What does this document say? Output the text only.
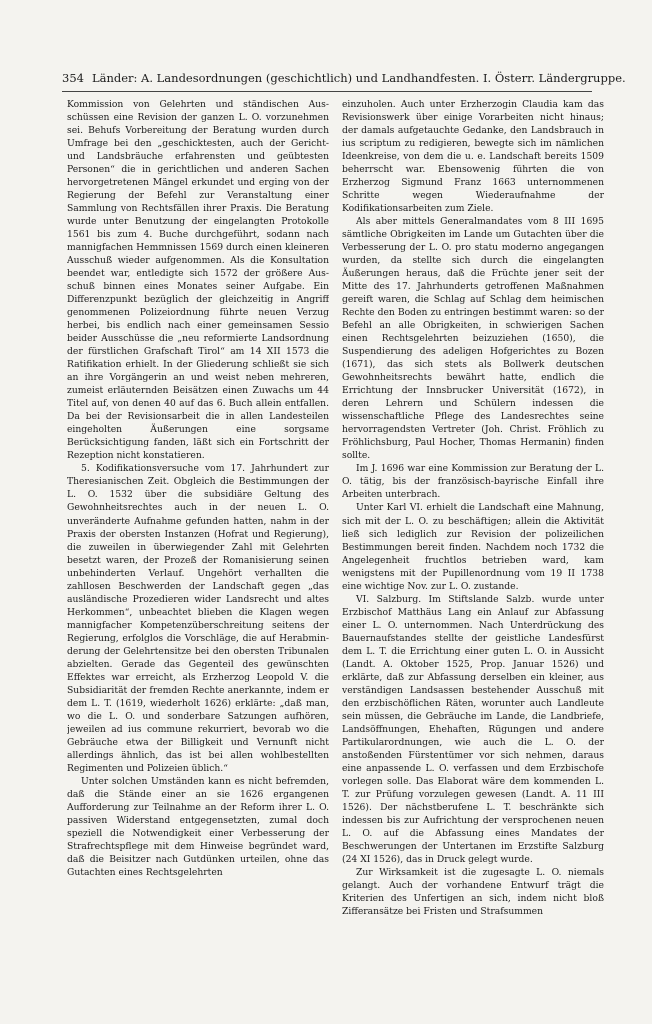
354 Länder: A. Landesordnungen (geschichtlich) und Landhandfesten. I. Österr. Ländergruppe.

Kommission von Gelehrten und ständischen Ausschüssen eine Revision der ganzen L. O. vorzunehmen sei. Behufs Vorbereitung der Beratung wurden durch Umfrage bei den „geschicktesten, auch der Gericht- und Landsbräuche erfahrensten und geübtesten Personen“ die in gerichtlichen und anderen Sachen hervorgetretenen Mängel erkundet und erging von der Regierung der Befehl zur Veranstaltung einer Sammlung von Rechtsfällen ihrer Praxis. Die Beratung wurde unter Benutzung der eingelangten Protokolle 1561 bis zum 4. Buche durchgeführt, sodann nach mannigfachen Hemmnissen 1569 durch einen kleineren Ausschuß wieder aufgenommen. Als die Konsultation beendet war, entledigte sich 1572 der größere Ausschuß binnen eines Monates seiner Aufgabe. Ein Differenzpunkt bezüglich der gleichzeitig in Angriff genommenen Polizeiordnung führte neuen Verzug herbei, bis endlich nach einer gemeinsamen Sessio beider Ausschüsse die „neu reformierte Landsordnung der fürstlichen Grafschaft Tirol“ am 14 XII 1573 die Ratifikation erhielt. In der Gliederung schließt sie sich an ihre Vorgängerin an und weist neben mehreren, zumeist erläuternden Beisätzen einen Zuwachs um 44 Titel auf, von denen 40 auf das 6. Buch allein entfallen. Da bei der Revisionsarbeit die in allen Landesteilen eingeholten Äußerungen eine sorgsame Berücksichtigung fanden, läßt sich ein Fortschritt der Rezeption nicht konstatieren.

5. Kodifikationsversuche vom 17. Jahrhundert zur Theresianischen Zeit. Obgleich die Bestimmungen der L. O. 1532 über die subsidiäre Geltung des Gewohnheitsrechtes auch in der neuen L. O. unveränderte Aufnahme gefunden hatten, nahm in der Praxis der obersten Instanzen (Hofrat und Regierung), die zuweilen in überwiegender Zahl mit Gelehrten besetzt waren, der Prozeß der Romanisierung seinen unbehinderten Verlauf. Ungehört verhallten die zahllosen Beschwerden der Landschaft gegen „das ausländische Prozedieren wider Landsrecht und altes Herkommen“, unbeachtet blieben die Klagen wegen mannigfacher Kompetenzüberschreitung seitens der Regierung, erfolglos die Vorschläge, die auf Herabminderung der Gelehrtensitze bei den obersten Tribunalen abzielten. Gerade das Gegenteil des gewünschten Effektes war erreicht, als Erzherzog Leopold V. die Subsidiarität der fremden Rechte anerkannte, indem er dem L. T. (1619, wiederholt 1626) erklärte: „daß man, wo die L. O. und sonderbare Satzungen aufhören, jeweilen ad ius commune rekurriert, bevorab wo die Gebräuche etwa der Billigkeit und Vernunft nicht allerdings ähnlich, das ist bei allen wohlbestellten Regimenten und Polizeien üblich.“

Unter solchen Umständen kann es nicht befremden, daß die Stände einer an sie 1626 ergangenen Aufforderung zur Teilnahme an der Reform ihrer L. O. passiven Widerstand entgegensetzten, zumal doch speziell die Notwendigkeit einer Verbesserung der Strafrechtspflege mit dem Hinweise begründet ward, daß die Beisitzer nach Gutdünken urteilen, ohne das Gutachten eines Rechtsgelehrten

einzuholen. Auch unter Erzherzogin Claudia kam das Revisionswerk über einige Vorarbeiten nicht hinaus; der damals aufgetauchte Gedanke, den Landsbrauch in ius scriptum zu redigieren, bewegte sich im nämlichen Ideenkreise, von dem die u. e. Landschaft bereits 1509 beherrscht war. Ebensowenig führten die von Erzherzog Sigmund Franz 1663 unternommenen Schritte wegen Wiederaufnahme der Kodifikationsarbeiten zum Ziele.

Als aber mittels Generalmandates vom 8 III 1695 sämtliche Obrigkeiten im Lande um Gutachten über die Verbesserung der L. O. pro statu moderno angegangen wurden, da stellte sich durch die eingelangten Äußerungen heraus, daß die Früchte jener seit der Mitte des 17. Jahrhunderts getroffenen Maßnahmen gereift waren, die Schlag auf Schlag dem heimischen Rechte den Boden zu entringen bestimmt waren: so der Befehl an alle Obrigkeiten, in schwierigen Sachen einen Rechtsgelehrten beizuziehen (1650), die Suspendierung des adeligen Hofgerichtes zu Bozen (1671), das sich stets als Bollwerk deutschen Gewohnheitsrechts bewährt hatte, endlich die Errichtung der Innsbrucker Universität (1672), in deren Lehrern und Schülern indessen die wissenschaftliche Pflege des Landesrechtes seine hervorragendsten Vertreter (Joh. Christ. Fröhlich zu Fröhlichsburg, Paul Hocher, Thomas Hermanin) finden sollte.

Im J. 1696 war eine Kommission zur Beratung der L. O. tätig, bis der französisch-bayrische Einfall ihre Arbeiten unterbrach.

Unter Karl VI. erhielt die Landschaft eine Mahnung, sich mit der L. O. zu beschäftigen; allein die Aktivität ließ sich lediglich zur Revision der polizeilichen Bestimmungen bereit finden. Nachdem noch 1732 die Angelegenheit fruchtlos betrieben ward, kam wenigstens mit der Pupillenordnung vom 19 II 1738 eine wichtige Nov. zur L. O. zustande.

VI. Salzburg. Im Stiftslande Salzb. wurde unter Erzbischof Matthäus Lang ein Anlauf zur Abfassung einer L. O. unternommen. Nach Unterdrückung des Bauernaufstandes stellte der geistliche Landesfürst dem L. T. die Errichtung einer guten L. O. in Aussicht (Landt. A. Oktober 1525, Prop. Januar 1526) und erklärte, daß zur Abfassung derselben ein kleiner, aus verständigen Landsassen bestehender Ausschuß mit den erzbischöflichen Räten, worunter auch Landleute sein müssen, die Gebräuche im Lande, die Landbriefe, Landsöffnungen, Ehehaften, Rügungen und andere Partikularordnungen, wie auch die L. O. der anstoßenden Fürstentümer vor sich nehmen, daraus eine anpassende L. O. verfassen und dem Erzbischofe vorlegen solle. Das Elaborat wäre dem kommenden L. T. zur Prüfung vorzulegen gewesen (Landt. A. 11 III 1526). Der nächstberufene L. T. beschränkte sich indessen bis zur Aufrichtung der versprochenen neuen L. O. auf die Abfassung eines Mandates der Beschwerungen der Untertanen im Erzstifte Salzburg (24 XI 1526), das in Druck gelegt wurde.

Zur Wirksamkeit ist die zugesagte L. O. niemals gelangt. Auch der vorhandene Entwurf trägt die Kriterien des Unfertigen an sich, indem nicht bloß Zifferansätze bei Fristen und Strafsummen
